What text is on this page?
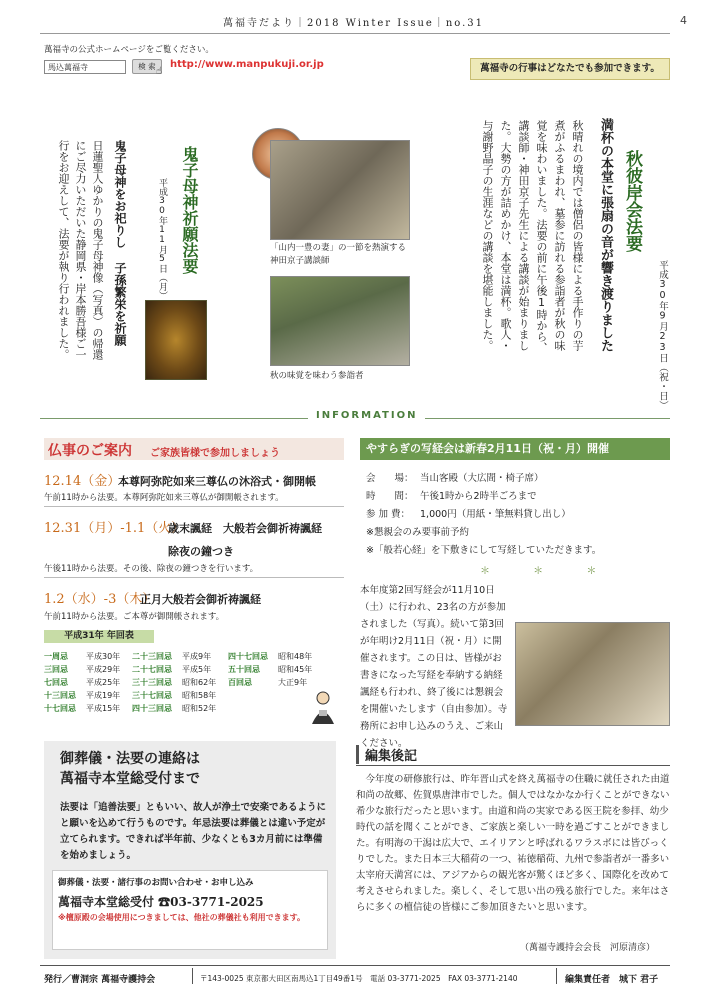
萬福寺だより｜2018 Winter Issue｜no.31	4
萬福寺の公式ホームページをご覧ください。
馬込萬福寺	検 索 ☝
http://www.manpukuji.or.jp	萬福寺の行事はどなたでも参加できます。
秋彼岸会法要
平成30年9月23日（祝・日）
満杯の本堂に張扇の音が響き渡りました
秋晴れの境内では僧侶の皆様による手作りの芋煮がふるまわれ、墓参に訪れる参詣者が秋の味覚を味わいました。法要の前に午後1時から、講談師・神田京子先生による講談が始まりました。大勢の方が詰めかけ、本堂は満杯。歌人・与謝野晶子の生涯などの講談を堪能しました。
「山内一豊の妻」の一節を熱演する神田京子講談師
秋の味覚を味わう参詣者
鬼子母神祈願法要
平成30年11月5日（月）
鬼子母神をお祀りし 子孫繁栄を祈願
日蓮聖人ゆかりの鬼子母神像（写真）の帰還にご尽力いただいた静岡県・岸本勝吾様ご一行をお迎えして、法要が執り行われました。
INFORMATION
仏事のご案内 ご家族皆様で参加しましょう
12.14（金）
本尊阿弥陀如来三尊仏の沐浴式・御開帳
午前11時から法要。本尊阿弥陀如来三尊仏が御開帳されます。
12.31（月）-1.1（火）
歳末諷経　大般若会御祈祷諷経
除夜の鐘つき
午後11時から法要。その後、除夜の鐘つきを行います。
1.2（水）-3（木）
正月大般若会御祈祷諷経
午前11時から法要。ご本尊が御開帳されます。
平成31年 年回表
一周忌 平成30年 二十三回忌 平成9年 四十七回忌 昭和48年
三回忌 平成29年 二十七回忌 平成5年 五十回忌 昭和45年
七回忌 平成25年 三十三回忌 昭和62年 百回忌	大正9年
十三回忌 平成19年 三十七回忌 昭和58年
十七回忌 平成15年 四十三回忌 昭和52年
やすらぎの写経会は新春2月11日（祝・月）開催
会　　場： 当山客殿（大広間・椅子席）
時　　間： 午後1時から2時半ごろまで
参 加 費： 1,000円（用紙・筆無料貸し出し）
※懇親会のみ要事前予約
※「般若心経」を下敷きにして写経していただきます。
＊ ＊ ＊
本年度第2回写経会が11月10日（土）に行われ、23名の方が参加されました（写真）。続いて第3回が年明け2月11日（祝・月）に開催されます。この日は、皆様がお書きになった写経を奉納する納経諷経も行われ、終了後には懇親会を開催いたします（自由参加）。寺務所にお申し込みのうえ、ご来山ください。
御葬儀・法要の連絡は
萬福寺本堂総受付まで
法要は「追善法要」ともいい、故人が浄土で安楽であるようにと願いを込めて行うものです。年忌法要は葬儀とは違い予定が立てられます。できれば半年前、少なくとも3カ月前には準備を始めましょう。
御葬儀・法要・諸行事のお問い合わせ・お申し込み
萬福寺本堂総受付 ☎03-3771-2025
※檀原殿の会場使用につきましては、他社の葬儀社も利用できます。
編集後記
今年度の研修旅行は、昨年晋山式を終え萬福寺の住職に就任された由道和尚の故郷、佐賀県唐津市でした。個人ではなかなか行くことができない希少な旅行だったと思います。由道和尚の実家である医王院を参拝、幼少時代の話を聞くことができ、ご家族と楽しい一時を過ごすことができました。有明海の干潟は広大で、エイリアンと呼ばれるワラスボには皆びっくりでした。また日本三大稲荷の一つ、祐徳稲荷、九州で参詣者が一番多い太宰府天満宮には、アジアからの観光客が驚くほど多く、国際化を改めて考えさせられました。楽しく、そして思い出の残る旅行でした。来年はさらに多くの檀信徒の皆様にご参加頂きたいと思います。
（萬福寺護持会会長　河原清彦）
発行／曹洞宗 萬福寺護持会	〒143-0025 東京都大田区南馬込1丁目49番1号　電話 03-3771-2025　FAX 03-3771-2140	編集責任者　城下 君子
